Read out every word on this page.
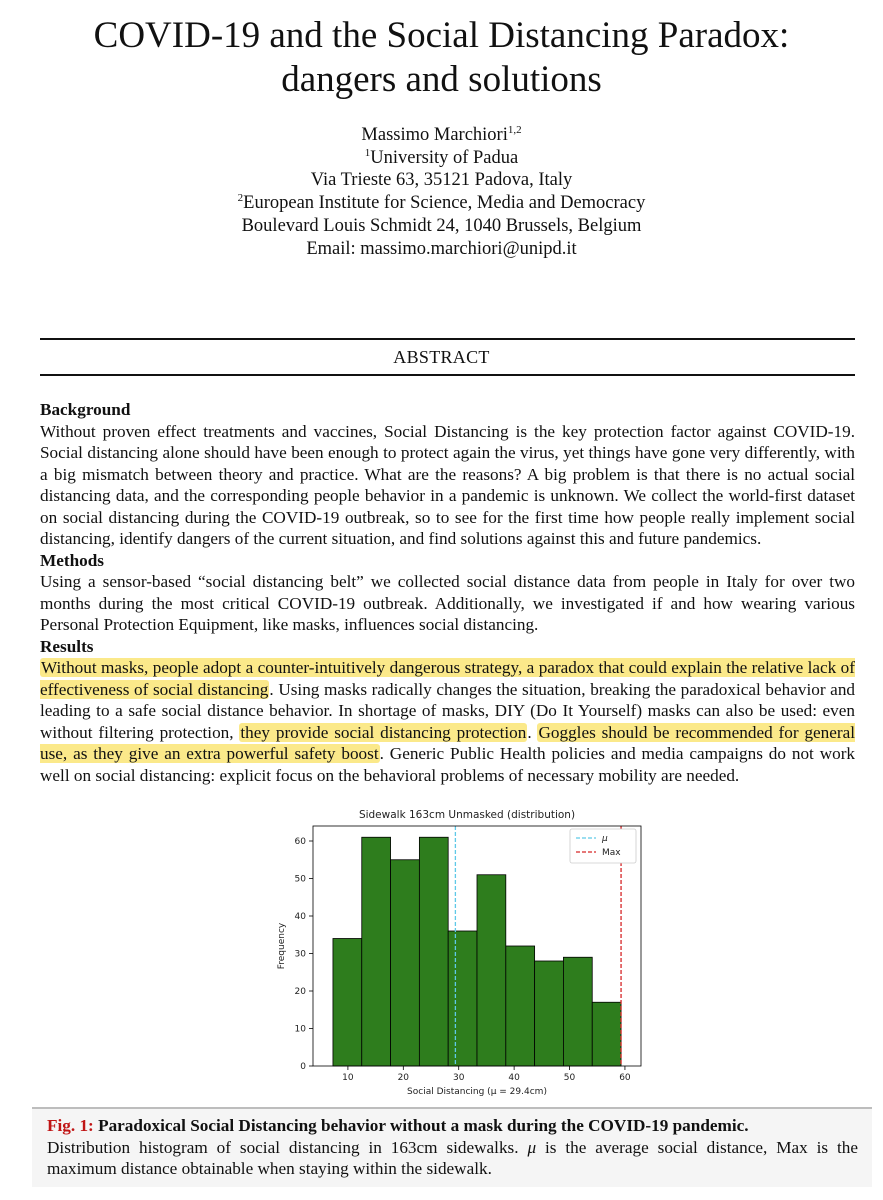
COVID-19 and the Social Distancing Paradox:
dangers and solutions
Massimo Marchiori$^{1,2}$
$^1$University of Padua
Via Trieste 63, 35121 Padova, Italy
$^2$European Institute for Science, Media and Democracy
Boulevard Louis Schmidt 24, 1040 Brussels, Belgium
Email: massimo.marchiori@unipd.it
ABSTRACT
Background
Without proven effect treatments and vaccines, Social Distancing is the key protection factor against COVID-19. Social distancing alone should have been enough to protect again the virus, yet things have gone very differently, with a big mismatch between theory and practice. What are the reasons? A big problem is that there is no actual social distancing data, and the corresponding people behavior in a pandemic is unknown. We collect the world-first dataset on social distancing during the COVID-19 outbreak, so to see for the first time how people really implement social distancing, identify dangers of the current situation, and find solutions against this and future pandemics.
Methods
Using a sensor-based “social distancing belt” we collected social distance data from people in Italy for over two months during the most critical COVID-19 outbreak. Additionally, we investigated if and how wearing various Personal Protection Equipment, like masks, influences social distancing.
Results
Without masks, people adopt a counter-intuitively dangerous strategy, a paradox that could explain the relative lack of effectiveness of social distancing. Using masks radically changes the situation, breaking the paradoxical behavior and leading to a safe social distance behavior. In shortage of masks, DIY (Do It Yourself) masks can also be used: even without filtering protection, they provide social distancing protection. Goggles should be recommended for general use, as they give an extra powerful safety boost. Generic Public Health policies and media campaigns do not work well on social distancing: explicit focus on the behavioral problems of necessary mobility are needed.
Sidewalk 163cm Unmasked (distribution)
10	20	30	40	50	60
0
10
20
30
40
50
60
Social Distancing (μ = 29.4cm)
Frequency
μ
Max
Fig. 1: Paradoxical Social Distancing behavior without a mask during the COVID-19 pandemic.
Distribution histogram of social distancing in 163cm sidewalks. μ is the average social distance, Max is the maximum distance obtainable when staying within the sidewalk.
